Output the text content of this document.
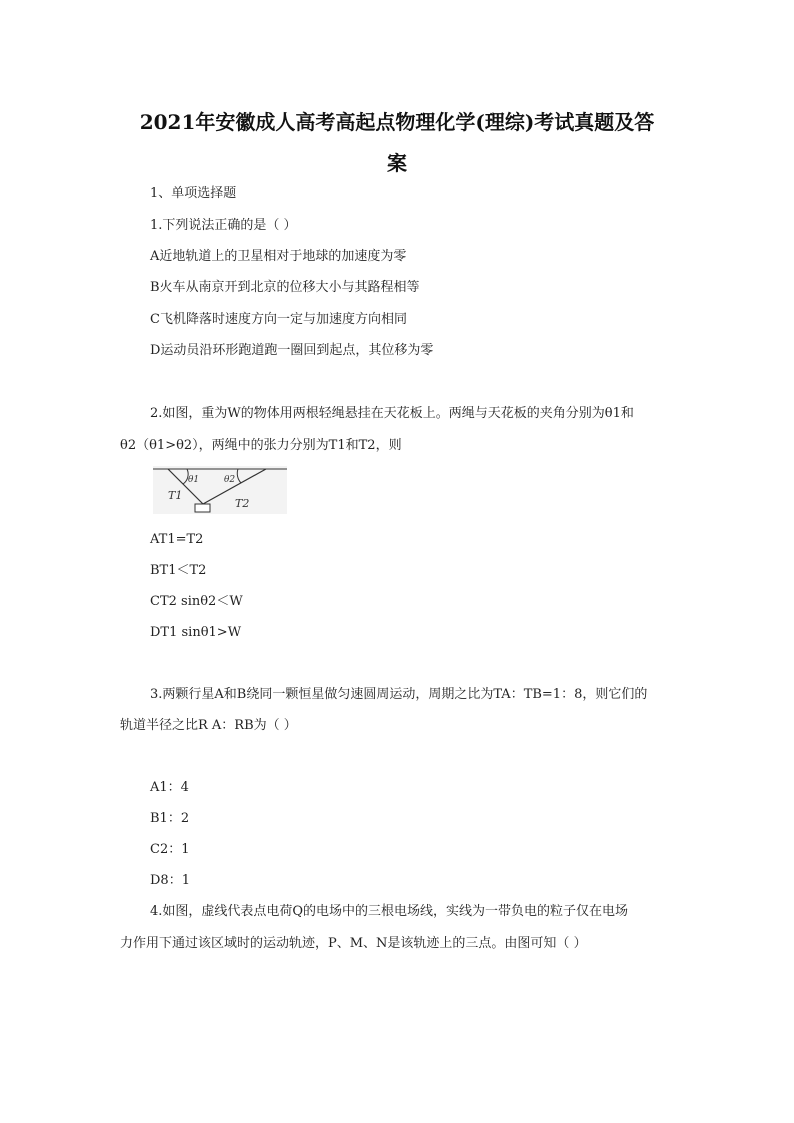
2021年安徽成人高考高起点物理化学(理综)考试真题及答
案
1、单项选择题
1.下列说法正确的是（ ）
A近地轨道上的卫星相对于地球的加速度为零
B火车从南京开到北京的位移大小与其路程相等
C飞机降落时速度方向一定与加速度方向相同
D运动员沿环形跑道跑一圈回到起点，其位移为零
2.如图，重为W的物体用两根轻绳悬挂在天花板上。两绳与天花板的夹角分别为θ1和
θ2（θ1>θ2），两绳中的张力分别为T1和T2，则
θ1	θ2
T1
T2
AT1=T2
BT1＜T2
CT2 sinθ2＜W
DT1 sinθ1>W
3.两颗行星A和B绕同一颗恒星做匀速圆周运动，周期之比为TA：TB=1：8，则它们的
轨道半径之比R A：RB为（ ）
A1：4
B1：2
C2：1
D8：1
4.如图，虚线代表点电荷Q的电场中的三根电场线，实线为一带负电的粒子仅在电场
力作用下通过该区域时的运动轨迹，P、M、N是该轨迹上的三点。由图可知（ ）
